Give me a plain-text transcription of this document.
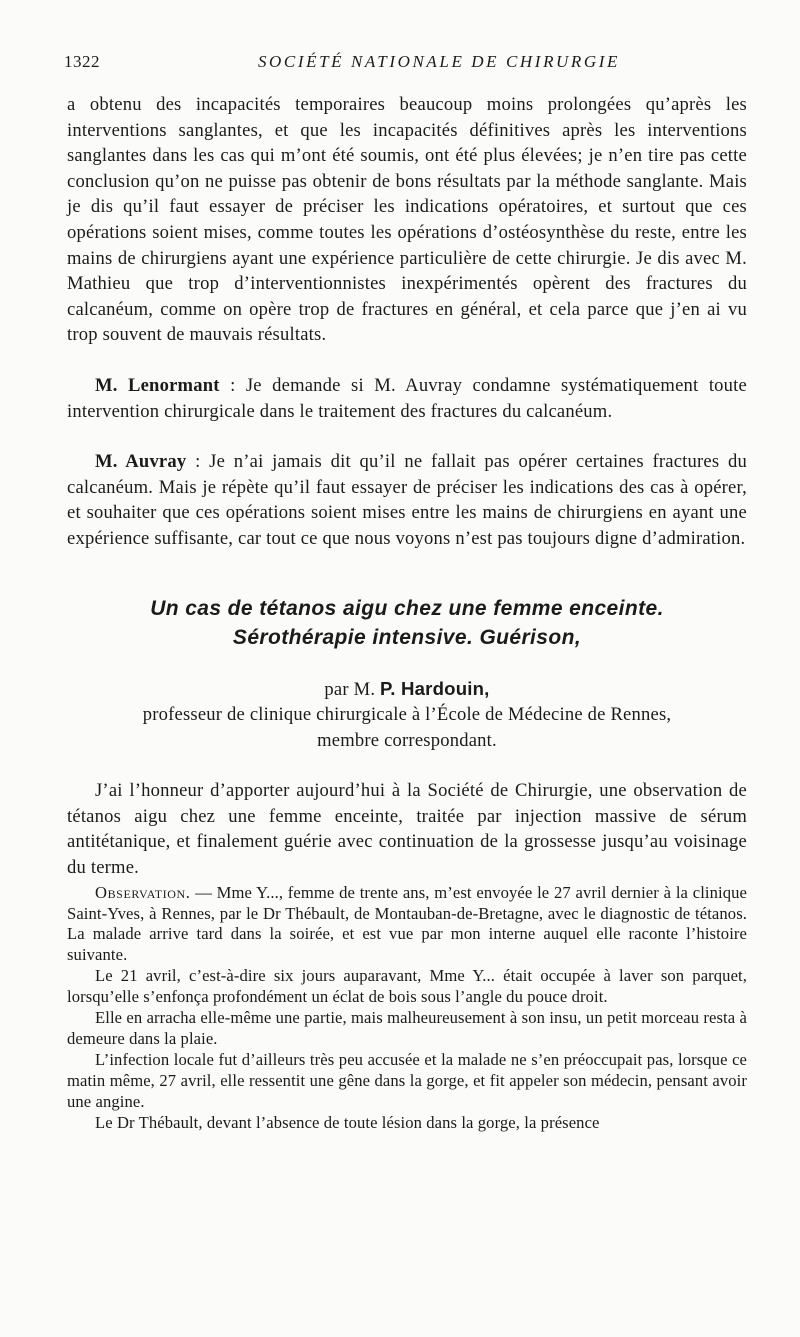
1322	SOCIÉTÉ NATIONALE DE CHIRURGIE

a obtenu des incapacités temporaires beaucoup moins prolongées qu’après les interventions sanglantes, et que les incapacités définitives après les interventions sanglantes dans les cas qui m’ont été soumis, ont été plus élevées; je n’en tire pas cette conclusion qu’on ne puisse pas obtenir de bons résultats par la méthode sanglante. Mais je dis qu’il faut essayer de préciser les indications opératoires, et surtout que ces opérations soient mises, comme toutes les opérations d’ostéosynthèse du reste, entre les mains de chirurgiens ayant une expérience particulière de cette chirurgie. Je dis avec M. Mathieu que trop d’interventionnistes inexpérimentés opèrent des fractures du calcanéum, comme on opère trop de fractures en général, et cela parce que j’en ai vu trop souvent de mauvais résultats.

M. Lenormant : Je demande si M. Auvray condamne systématiquement toute intervention chirurgicale dans le traitement des fractures du calcanéum.

M. Auvray : Je n’ai jamais dit qu’il ne fallait pas opérer certaines fractures du calcanéum. Mais je répète qu’il faut essayer de préciser les indications des cas à opérer, et souhaiter que ces opérations soient mises entre les mains de chirurgiens en ayant une expérience suffisante, car tout ce que nous voyons n’est pas toujours digne d’admiration.

Un cas de tétanos aigu chez une femme enceinte.
Sérothérapie intensive. Guérison,
par M. P. Hardouin,
professeur de clinique chirurgicale à l’École de Médecine de Rennes,
membre correspondant.

J’ai l’honneur d’apporter aujourd’hui à la Société de Chirurgie, une observation de tétanos aigu chez une femme enceinte, traitée par injection massive de sérum antitétanique, et finalement guérie avec continuation de la grossesse jusqu’au voisinage du terme.

Observation. — Mme Y..., femme de trente ans, m’est envoyée le 27 avril dernier à la clinique Saint-Yves, à Rennes, par le Dr Thébault, de Montauban-de-Bretagne, avec le diagnostic de tétanos. La malade arrive tard dans la soirée, et est vue par mon interne auquel elle raconte l’histoire suivante.

Le 21 avril, c’est-à-dire six jours auparavant, Mme Y... était occupée à laver son parquet, lorsqu’elle s’enfonça profondément un éclat de bois sous l’angle du pouce droit.

Elle en arracha elle-même une partie, mais malheureusement à son insu, un petit morceau resta à demeure dans la plaie.

L’infection locale fut d’ailleurs très peu accusée et la malade ne s’en préoccupait pas, lorsque ce matin même, 27 avril, elle ressentit une gêne dans la gorge, et fit appeler son médecin, pensant avoir une angine.

Le Dr Thébault, devant l’absence de toute lésion dans la gorge, la présence
